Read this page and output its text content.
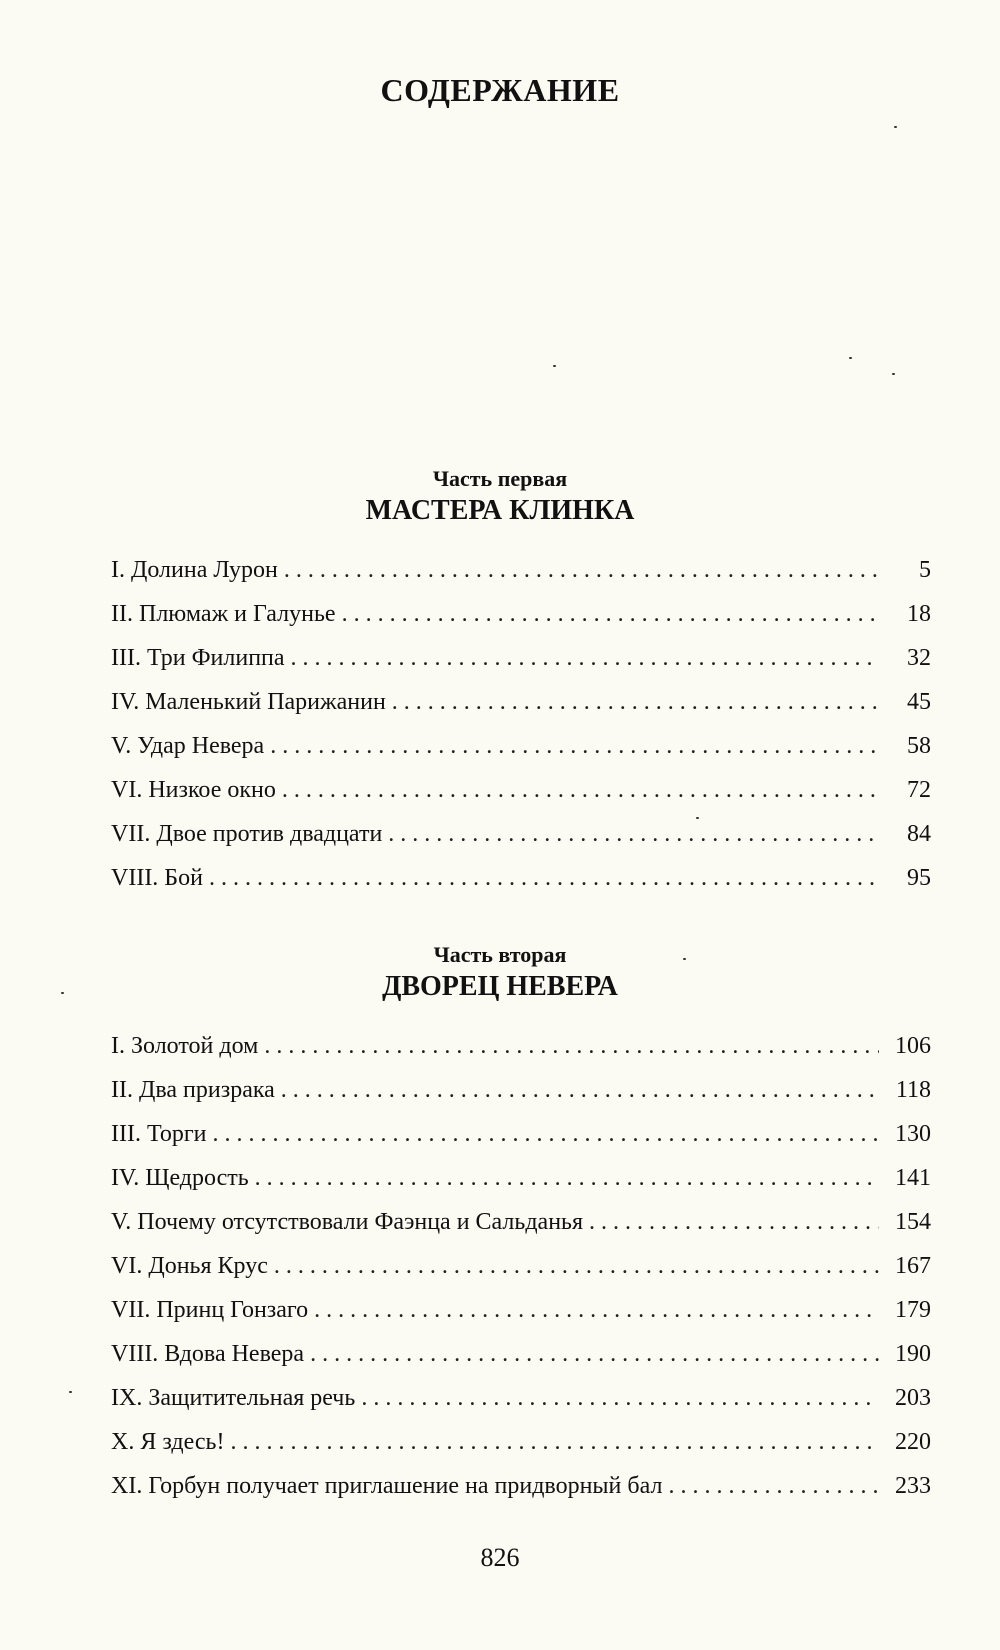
СОДЕРЖАНИЕ
Часть первая
МАСТЕРА КЛИНКА
I. Долина Лурон . . .	5
II. Плюмаж и Галунье . . .	18
III. Три Филиппа . . .	32
IV. Маленький Парижанин . . .	45
V. Удар Невера . . .	58
VI. Низкое окно . . .	72
VII. Двое против двадцати . . .	84
VIII. Бой . . .	95
Часть вторая
ДВОРЕЦ НЕВЕРА
I. Золотой дом . . .	106
II. Два призрака . . .	118
III. Торги . . .	130
IV. Щедрость . . .	141
V. Почему отсутствовали Фаэнца и Сальданья . . .	154
VI. Донья Крус . . .	167
VII. Принц Гонзаго . . .	179
VIII. Вдова Невера . . .	190
IX. Защитительная речь . . .	203
X. Я здесь! . . .	220
XI. Горбун получает приглашение на придворный бал . . .	233
826
